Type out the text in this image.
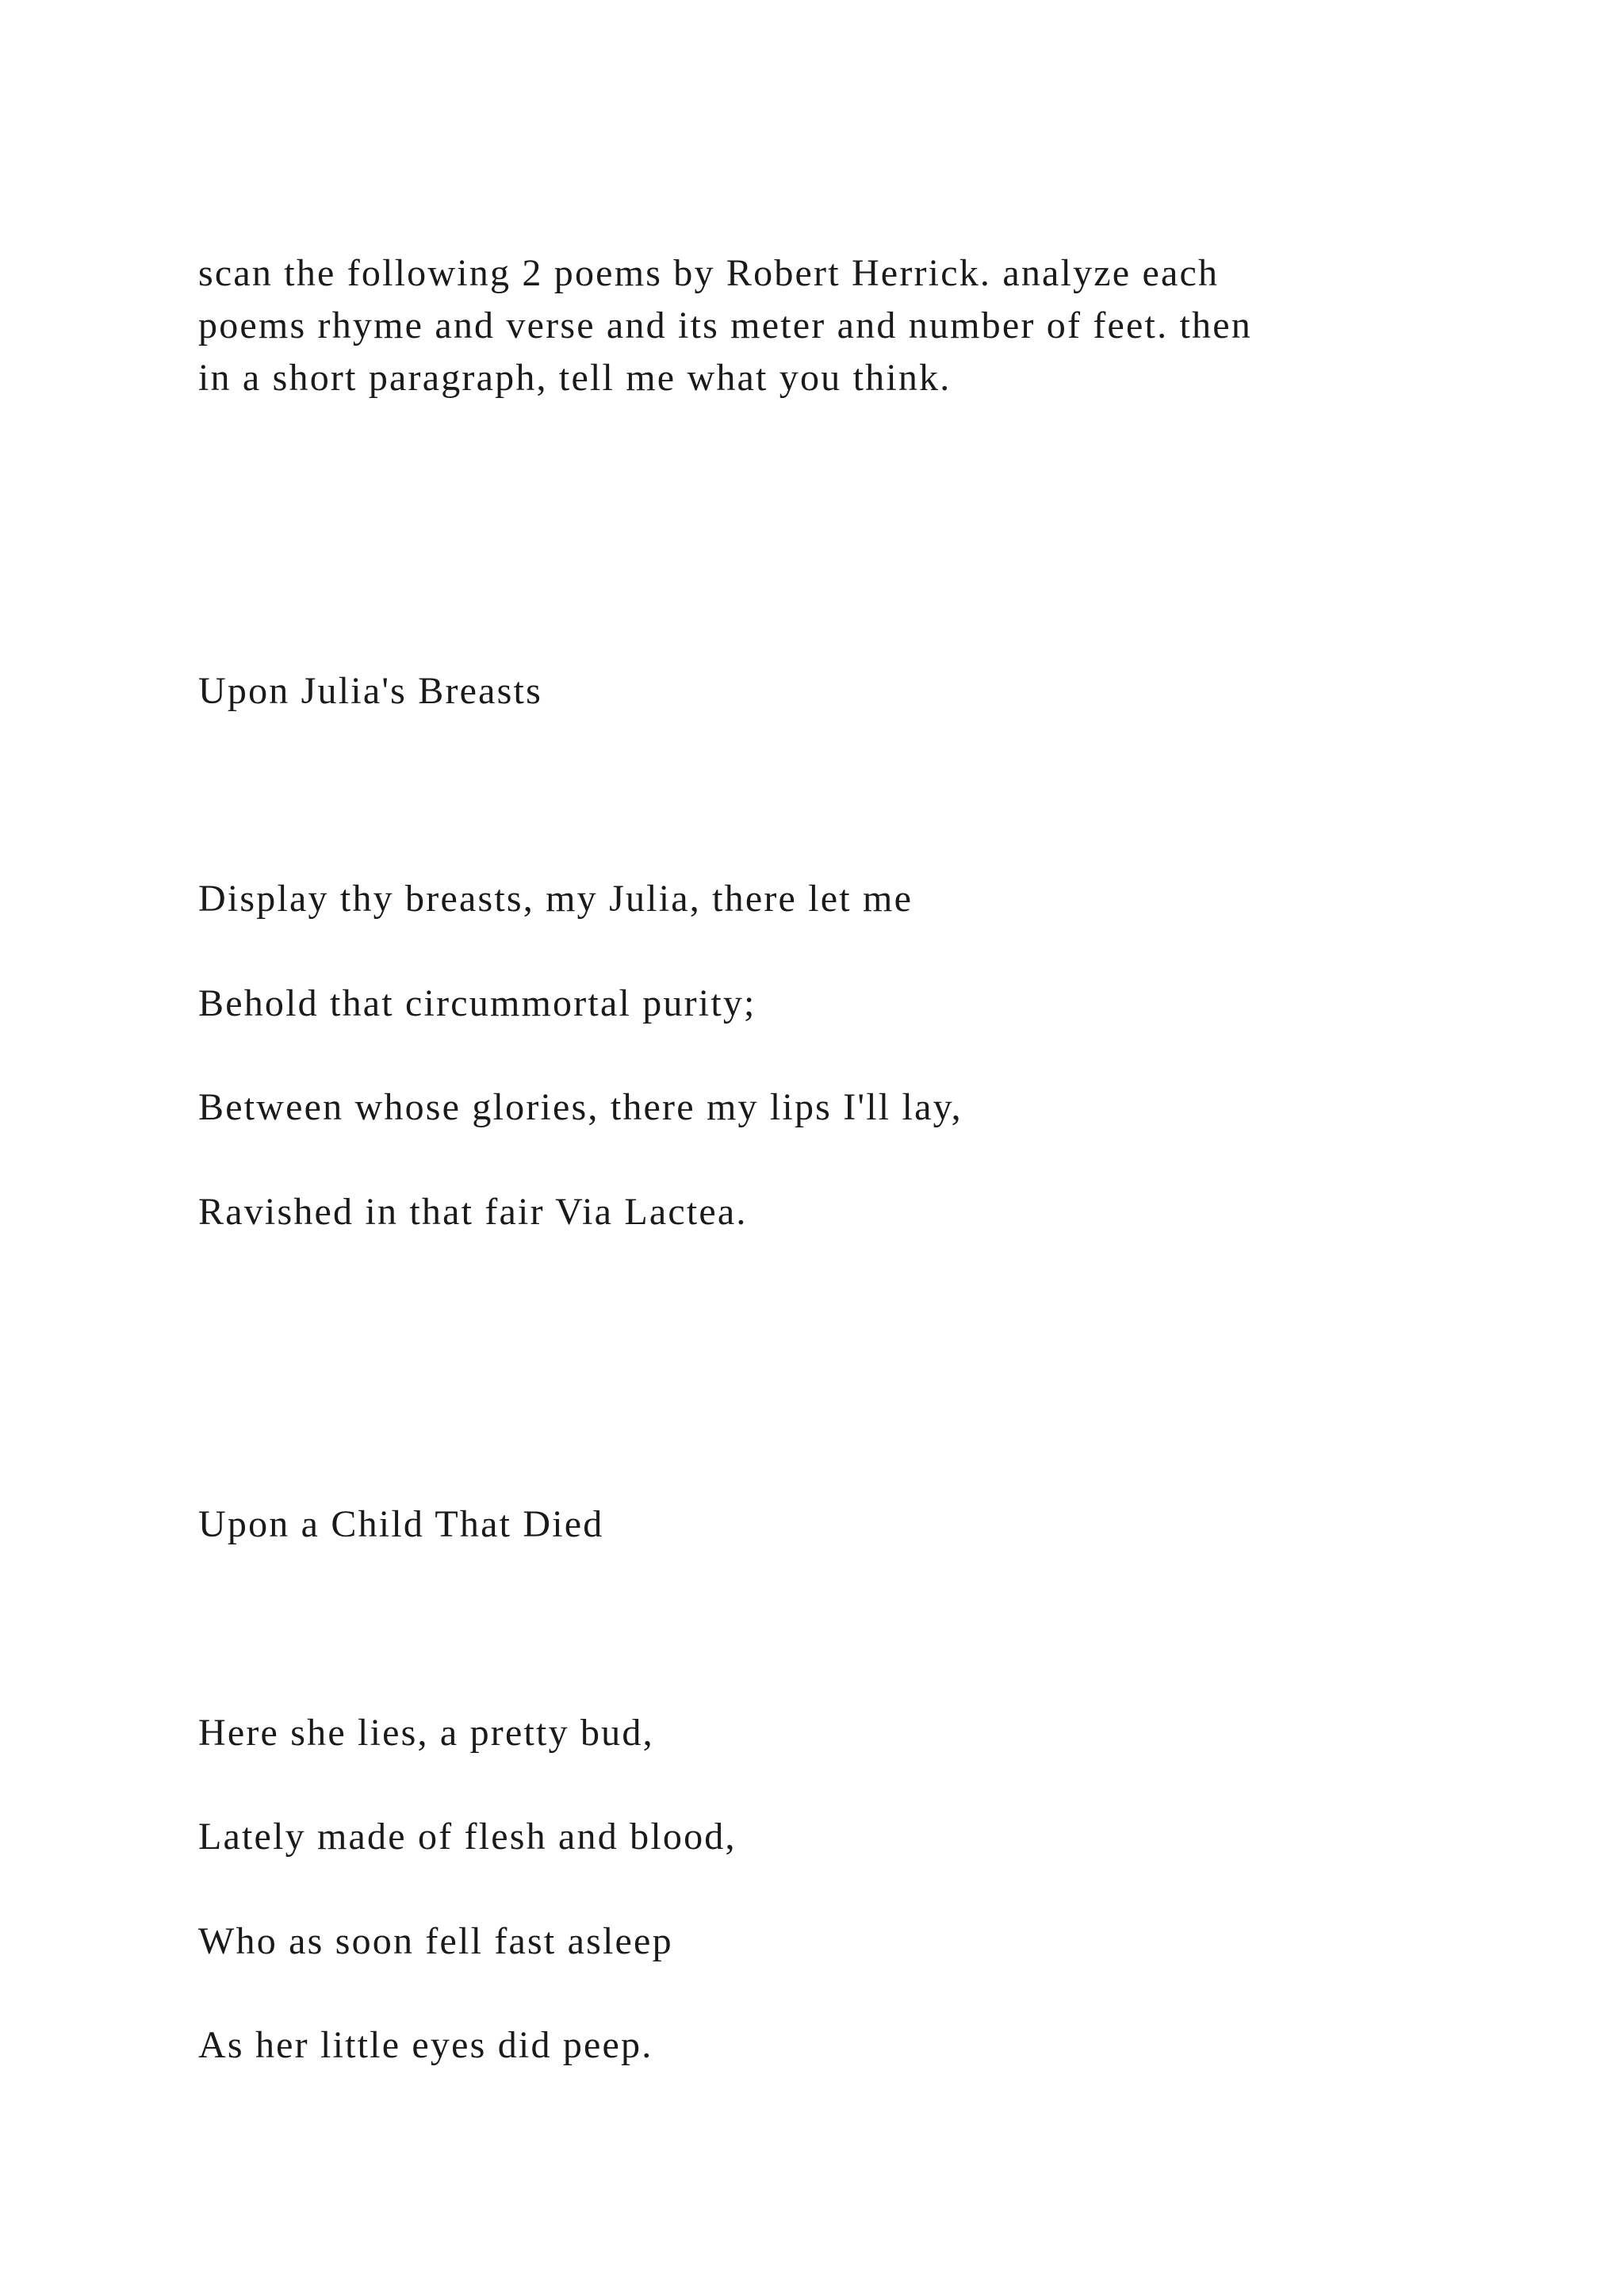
scan the following 2 poems by Robert Herrick. analyze each
poems rhyme and verse and its meter and number of feet. then
in a short paragraph, tell me what you think.

Upon Julia's Breasts

Display thy breasts, my Julia, there let me

Behold that circummortal purity;

Between whose glories, there my lips I'll lay,

Ravished in that fair Via Lactea.

Upon a Child That Died

Here she lies, a pretty bud,

Lately made of flesh and blood,

Who as soon fell fast asleep

As her little eyes did peep.
